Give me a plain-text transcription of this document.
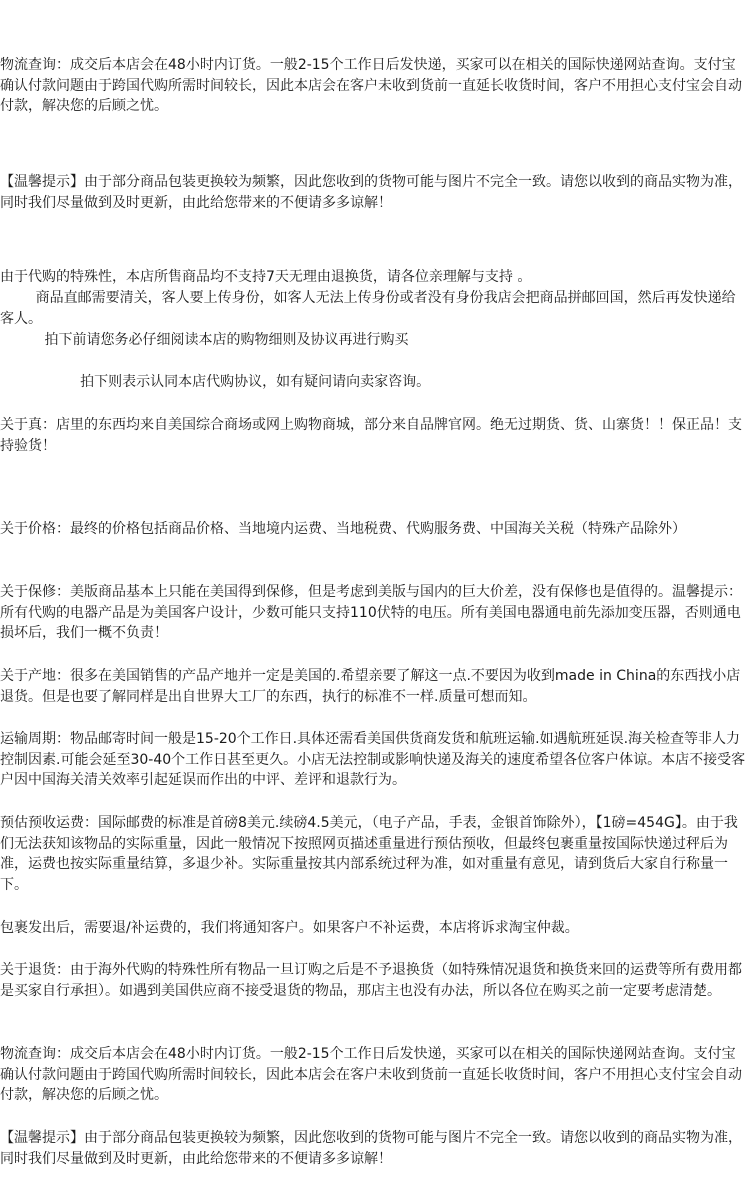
物流查询：成交后本店会在48小时内订货。一般2-15个工作日后发快递，买家可以在相关的国际快递网站查询。支付宝确认付款问题由于跨国代购所需时间较长，因此本店会在客户未收到货前一直延长收货时间，客户不用担心支付宝会自动付款，解决您的后顾之忧。

【温馨提示】由于部分商品包装更换较为频繁，因此您收到的货物可能与图片不完全一致。请您以收到的商品实物为准，同时我们尽量做到及时更新，由此给您带来的不便请多多谅解！

由于代购的特殊性，本店所售商品均不支持7天无理由退换货，请各位亲理解与支持 。

商品直邮需要清关，客人要上传身份，如客人无法上传身份或者没有身份我店会把商品拼邮回国，然后再发快递给客人。

拍下前请您务必仔细阅读本店的购物细则及协议再进行购买

拍下则表示认同本店代购协议，如有疑问请向卖家咨询。

关于真：店里的东西均来自美国综合商场或网上购物商城，部分来自品牌官网。绝无过期货、货、山寨货！！保正品！支持验货！

关于价格：最终的价格包括商品价格、当地境内运费、当地税费、代购服务费、中国海关关税（特殊产品除外）

关于保修：美版商品基本上只能在美国得到保修，但是考虑到美版与国内的巨大价差，没有保修也是值得的。温馨提示：所有代购的电器产品是为美国客户设计，少数可能只支持110伏特的电压。所有美国电器通电前先添加变压器，否则通电损坏后，我们一概不负责！

关于产地：很多在美国销售的产品产地并一定是美国的.希望亲要了解这一点.不要因为收到made in China的东西找小店退货。但是也要了解同样是出自世界大工厂的东西，执行的标准不一样.质量可想而知。

运输周期：物品邮寄时间一般是15-20个工作日.具体还需看美国供货商发货和航班运输.如遇航班延误.海关检查等非人力控制因素.可能会延至30-40个工作日甚至更久。小店无法控制或影响快递及海关的速度希望各位客户体谅。本店不接受客户因中国海关清关效率引起延误而作出的中评、差评和退款行为。

预估预收运费：国际邮费的标准是首磅8美元.续磅4.5美元，（电子产品，手表，金银首饰除外），【1磅=454G】。由于我们无法获知该物品的实际重量，因此一般情况下按照网页描述重量进行预估预收，但最终包裹重量按国际快递过秤后为准，运费也按实际重量结算，多退少补。实际重量按其内部系统过秤为准，如对重量有意见，请到货后大家自行称量一下。

包裹发出后，需要退/补运费的，我们将通知客户。如果客户不补运费，本店将诉求淘宝仲裁。

关于退货：由于海外代购的特殊性所有物品一旦订购之后是不予退换货（如特殊情况退货和换货来回的运费等所有费用都是买家自行承担）。如遇到美国供应商不接受退货的物品，那店主也没有办法，所以各位在购买之前一定要考虑清楚。

物流查询：成交后本店会在48小时内订货。一般2-15个工作日后发快递，买家可以在相关的国际快递网站查询。支付宝确认付款问题由于跨国代购所需时间较长，因此本店会在客户未收到货前一直延长收货时间，客户不用担心支付宝会自动付款，解决您的后顾之忧。

【温馨提示】由于部分商品包装更换较为频繁，因此您收到的货物可能与图片不完全一致。请您以收到的商品实物为准，同时我们尽量做到及时更新，由此给您带来的不便请多多谅解！
